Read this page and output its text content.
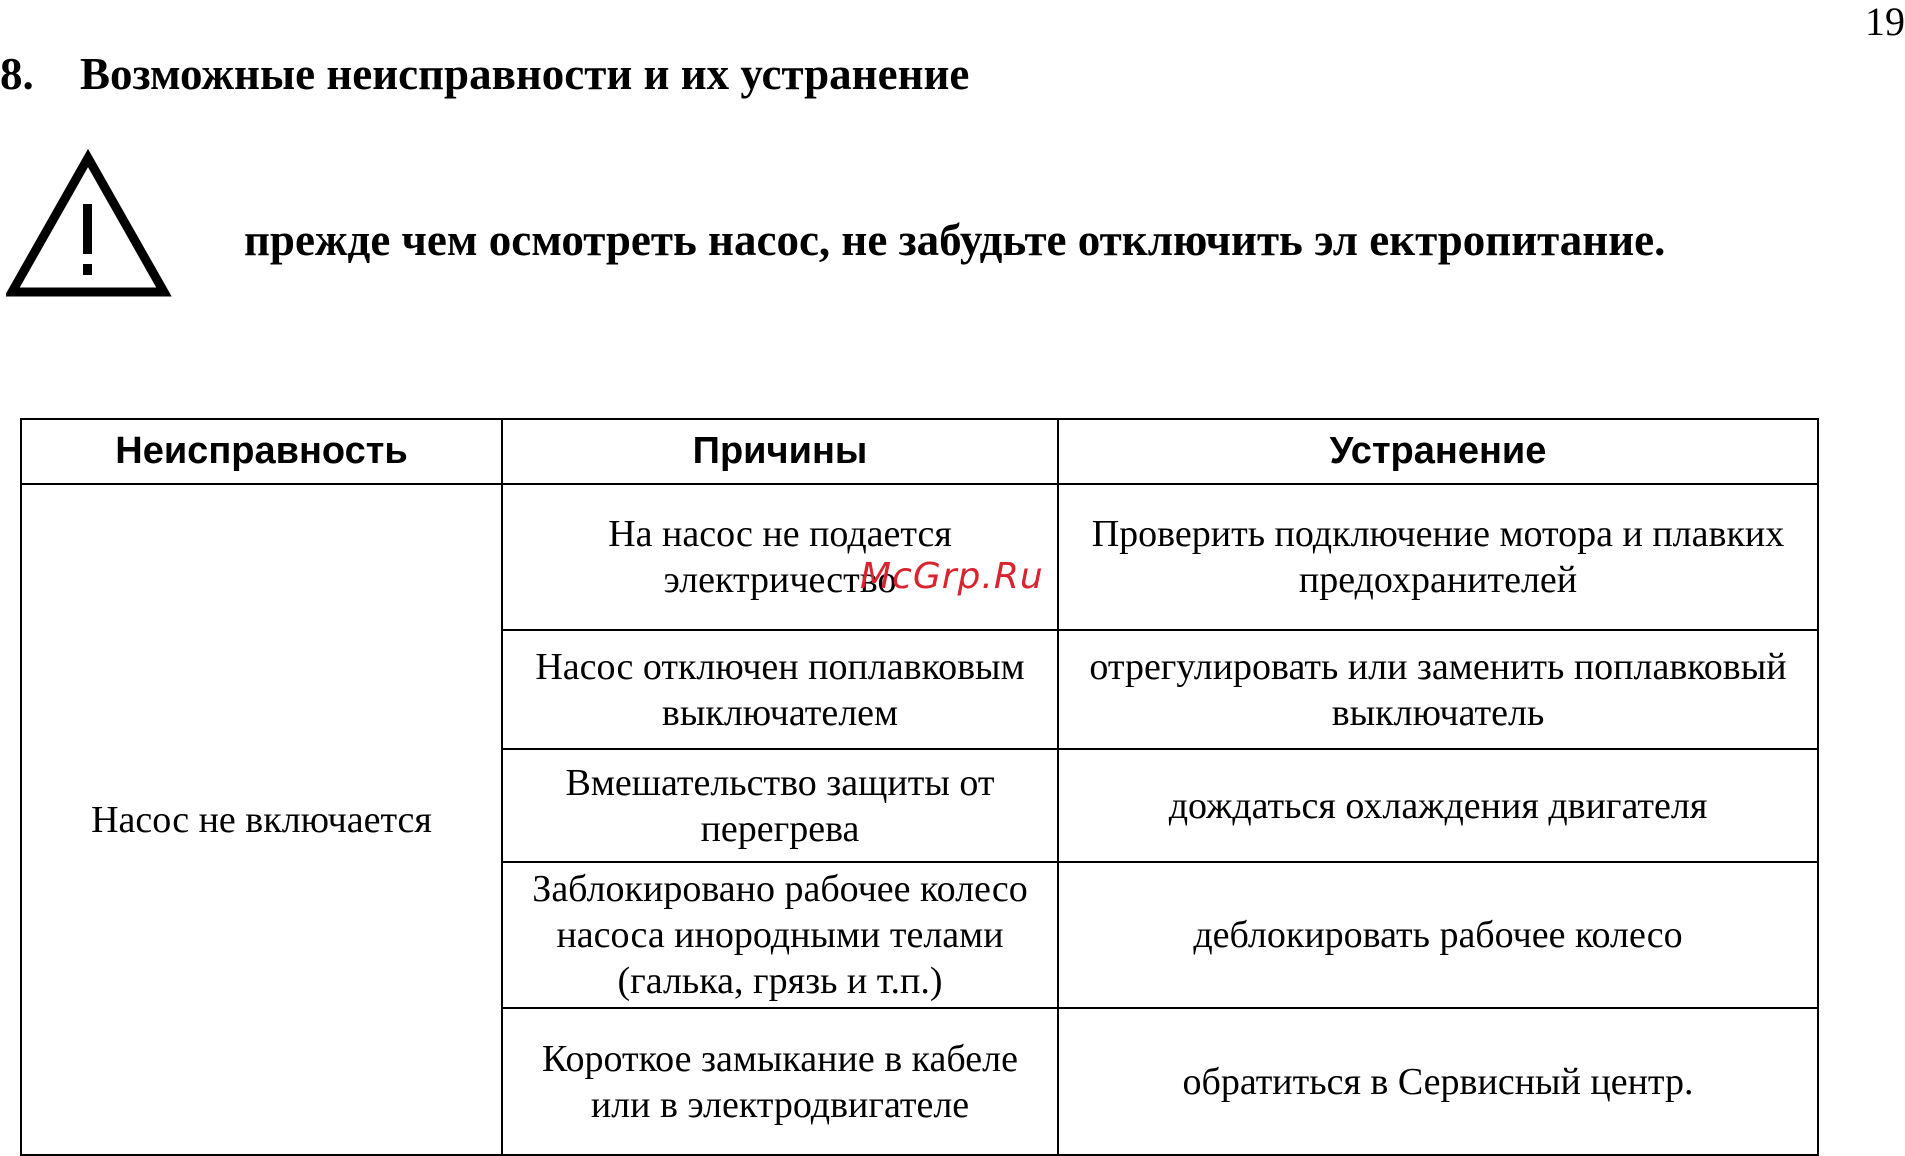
19
8. Возможные неисправности и их устранение
прежде чем осмотреть насос, не забудьте отключить эл ектропитание.
Неисправность	Причины	Устранение
Насос не включается	На насос не подается электричество	Проверить подключение мотора и плавких предохранителей
	Насос отключен поплавковым выключателем	отрегулировать или заменить поплавковый выключатель
	Вмешательство защиты от перегрева	дождаться охлаждения двигателя
	Заблокировано рабочее колесо насоса инородными телами (галька, грязь и т.п.)	деблокировать рабочее колесо
	Короткое замыкание в кабеле или в электродвигателе	обратиться в Сервисный центр.
McGrp.Ru
